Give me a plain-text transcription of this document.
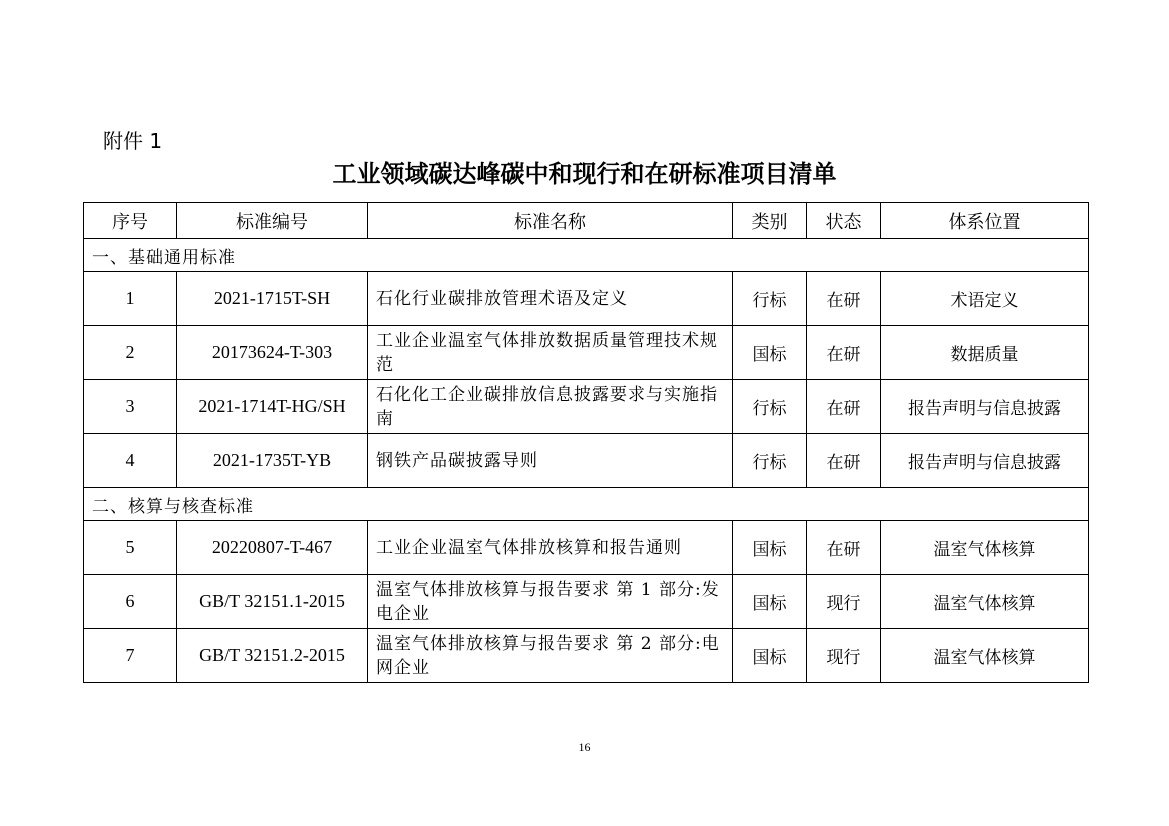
附件 1
工业领域碳达峰碳中和现行和在研标准项目清单
序号	标准编号	标准名称	类别	状态	体系位置
一、基础通用标准					
1	2021-1715T-SH	石化行业碳排放管理术语及定义	行标	在研	术语定义
2	20173624-T-303	工业企业温室气体排放数据质量管理技术规范	国标	在研	数据质量
3	2021-1714T-HG/SH	石化化工企业碳排放信息披露要求与实施指南	行标	在研	报告声明与信息披露
4	2021-1735T-YB	钢铁产品碳披露导则	行标	在研	报告声明与信息披露
二、核算与核查标准					
5	20220807-T-467	工业企业温室气体排放核算和报告通则	国标	在研	温室气体核算
6	GB/T 32151.1-2015	温室气体排放核算与报告要求 第 1 部分:发电企业	国标	现行	温室气体核算
7	GB/T 32151.2-2015	温室气体排放核算与报告要求 第 2 部分:电网企业	国标	现行	温室气体核算
16
